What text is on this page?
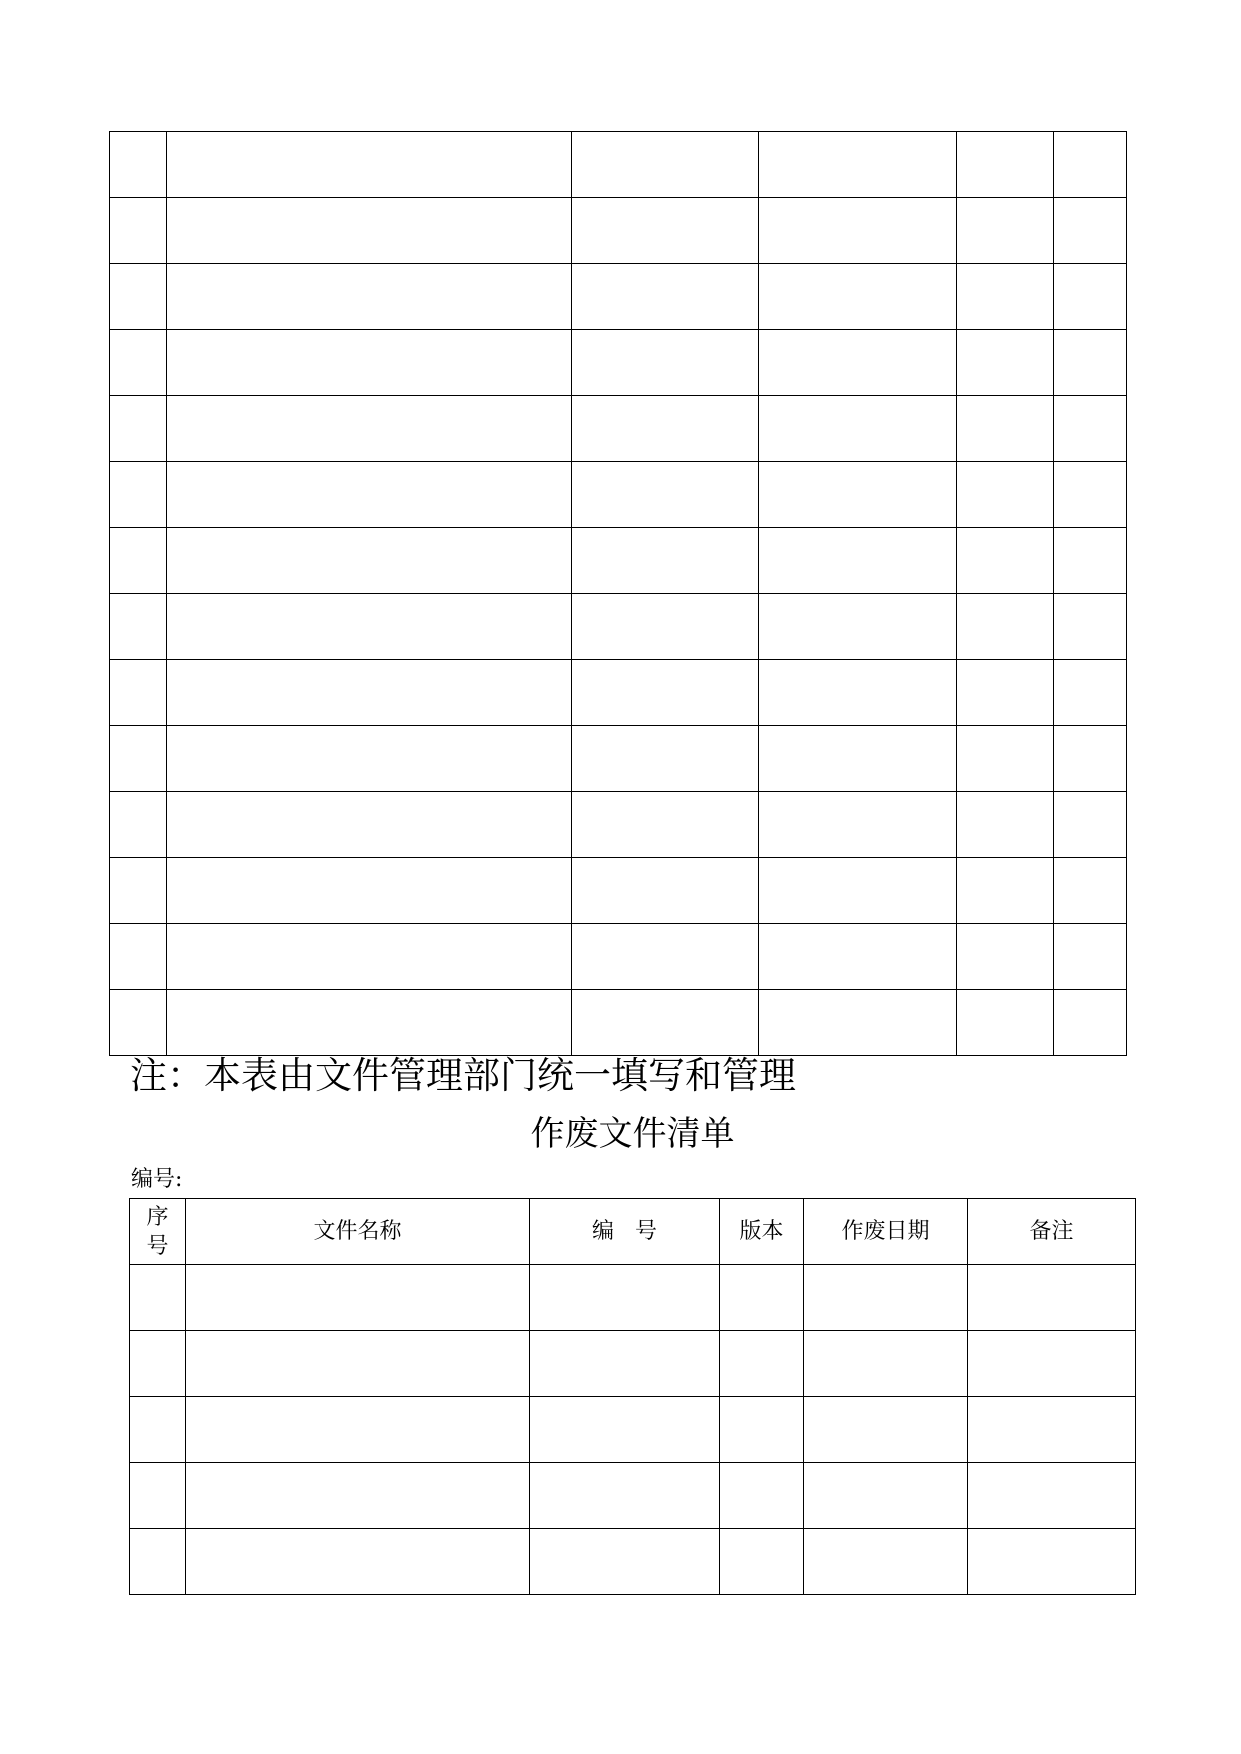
注：本表由文件管理部门统一填写和管理
作废文件清单
编号:
序
号	文件名称	编   号	版本	作废日期	备注
